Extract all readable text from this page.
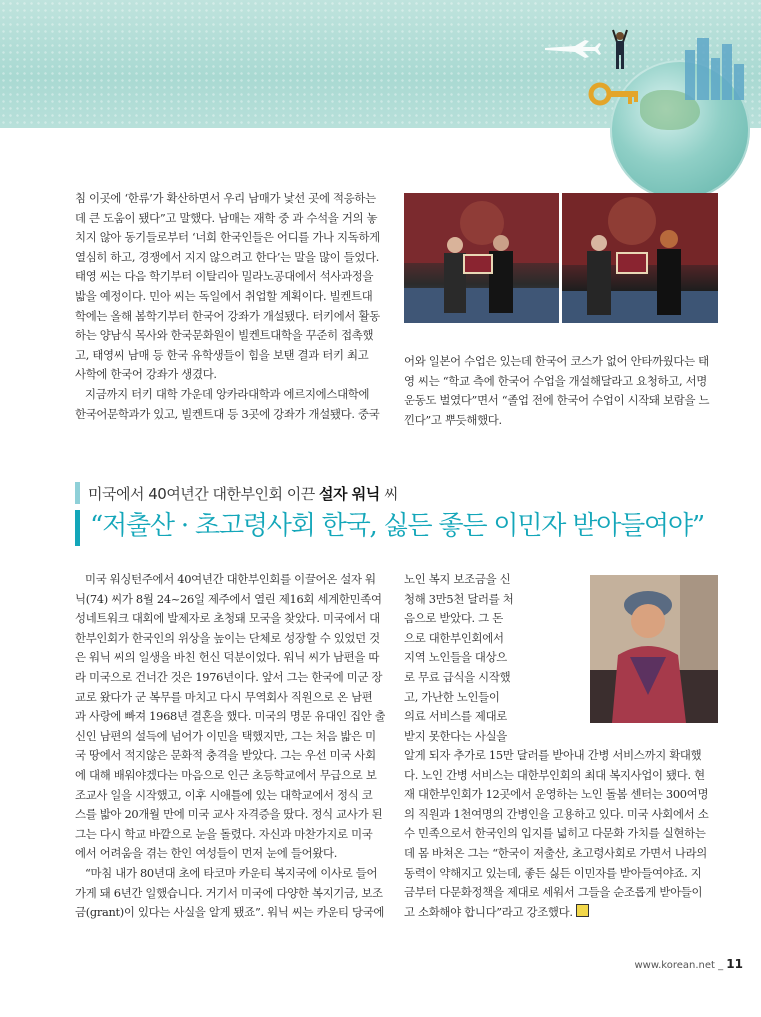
침 이곳에 ‘한류’가 확산하면서 우리 남매가 낯선 곳에 적응하는
데 큰 도움이 됐다”고 말했다. 남매는 재학 중 과 수석을 거의 놓
치지 않아 동기들로부터 ‘너희 한국인들은 어디를 가나 지독하게
열심히 하고, 경쟁에서 지지 않으려고 한다’는 말을 많이 들었다.
태영 씨는 다음 학기부터 이탈리아 밀라노공대에서 석사과정을
밟을 예정이다. 민아 씨는 독일에서 취업할 계획이다. 빌켄트대
학에는 올해 봄학기부터 한국어 강좌가 개설됐다. 터키에서 활동
하는 양남식 목사와 한국문화원이 빌켄트대학을 꾸준히 접촉했
고, 태영씨 남매 등 한국 유학생들이 힘을 보탠 결과 터키 최고
사학에 한국어 강좌가 생겼다.
지금까지 터키 대학 가운데 앙카라대학과 에르지에스대학에
한국어문학과가 있고, 빌켄트대 등 3곳에 강좌가 개설됐다. 중국
어와 일본어 수업은 있는데 한국어 코스가 없어 안타까웠다는 태
영 씨는 “학교 측에 한국어 수업을 개설해달라고 요청하고, 서명
운동도 벌였다”면서 “졸업 전에 한국어 수업이 시작돼 보람을 느
낀다”고 뿌듯해했다.
미국에서 40여년간 대한부인회 이끈 설자 워닉 씨
“저출산 · 초고령사회 한국, 싫든 좋든 이민자 받아들여야”
미국 워싱턴주에서 40여년간 대한부인회를 이끌어온 설자 워
닉(74) 씨가 8월 24~26일 제주에서 열린 제16회 세계한민족여
성네트워크 대회에 발제자로 초청돼 모국을 찾았다. 미국에서 대
한부인회가 한국인의 위상을 높이는 단체로 성장할 수 있었던 것
은 워닉 씨의 일생을 바친 헌신 덕분이었다. 워닉 씨가 남편을 따
라 미국으로 건너간 것은 1976년이다. 앞서 그는 한국에 미군 장
교로 왔다가 군 복무를 마치고 다시 무역회사 직원으로 온 남편
과 사랑에 빠져 1968년 결혼을 했다. 미국의 명문 유대인 집안 출
신인 남편의 설득에 넘어가 이민을 택했지만, 그는 처음 밟은 미
국 땅에서 적지않은 문화적 충격을 받았다. 그는 우선 미국 사회
에 대해 배워야겠다는 마음으로 인근 초등학교에서 무급으로 보
조교사 일을 시작했고, 이후 시애틀에 있는 대학교에서 정식 코
스를 밟아 20개월 만에 미국 교사 자격증을 땄다. 정식 교사가 된
그는 다시 학교 바깥으로 눈을 돌렸다. 자신과 마찬가지로 미국
에서 어려움을 겪는 한인 여성들이 먼저 눈에 들어왔다.
“마침 내가 80년대 초에 타코마 카운티 복지국에 이사로 들어
가게 돼 6년간 일했습니다. 거기서 미국에 다양한 복지기금, 보조
금(grant)이 있다는 사실을 알게 됐죠”. 워닉 씨는 카운티 당국에
노인 복지 보조금을 신
청해 3만5천 달러를 처
음으로 받았다. 그 돈
으로 대한부인회에서
지역 노인들을 대상으
로 무료 급식을 시작했
고, 가난한 노인들이
의료 서비스를 제대로
받지 못한다는 사실을
알게 되자 추가로 15만 달러를 받아내 간병 서비스까지 확대했
다. 노인 간병 서비스는 대한부인회의 최대 복지사업이 됐다. 현
재 대한부인회가 12곳에서 운영하는 노인 돌봄 센터는 300여명
의 직원과 1천여명의 간병인을 고용하고 있다. 미국 사회에서 소
수 민족으로서 한국인의 입지를 넓히고 다문화 가치를 실현하는
데 몸 바쳐온 그는 “한국이 저출산, 초고령사회로 가면서 나라의
동력이 약해지고 있는데, 좋든 싫든 이민자를 받아들여야죠. 지
금부터 다문화정책을 제대로 세워서 그들을 순조롭게 받아들이
고 소화해야 합니다”라고 강조했다.
www.korean.net _ 11
